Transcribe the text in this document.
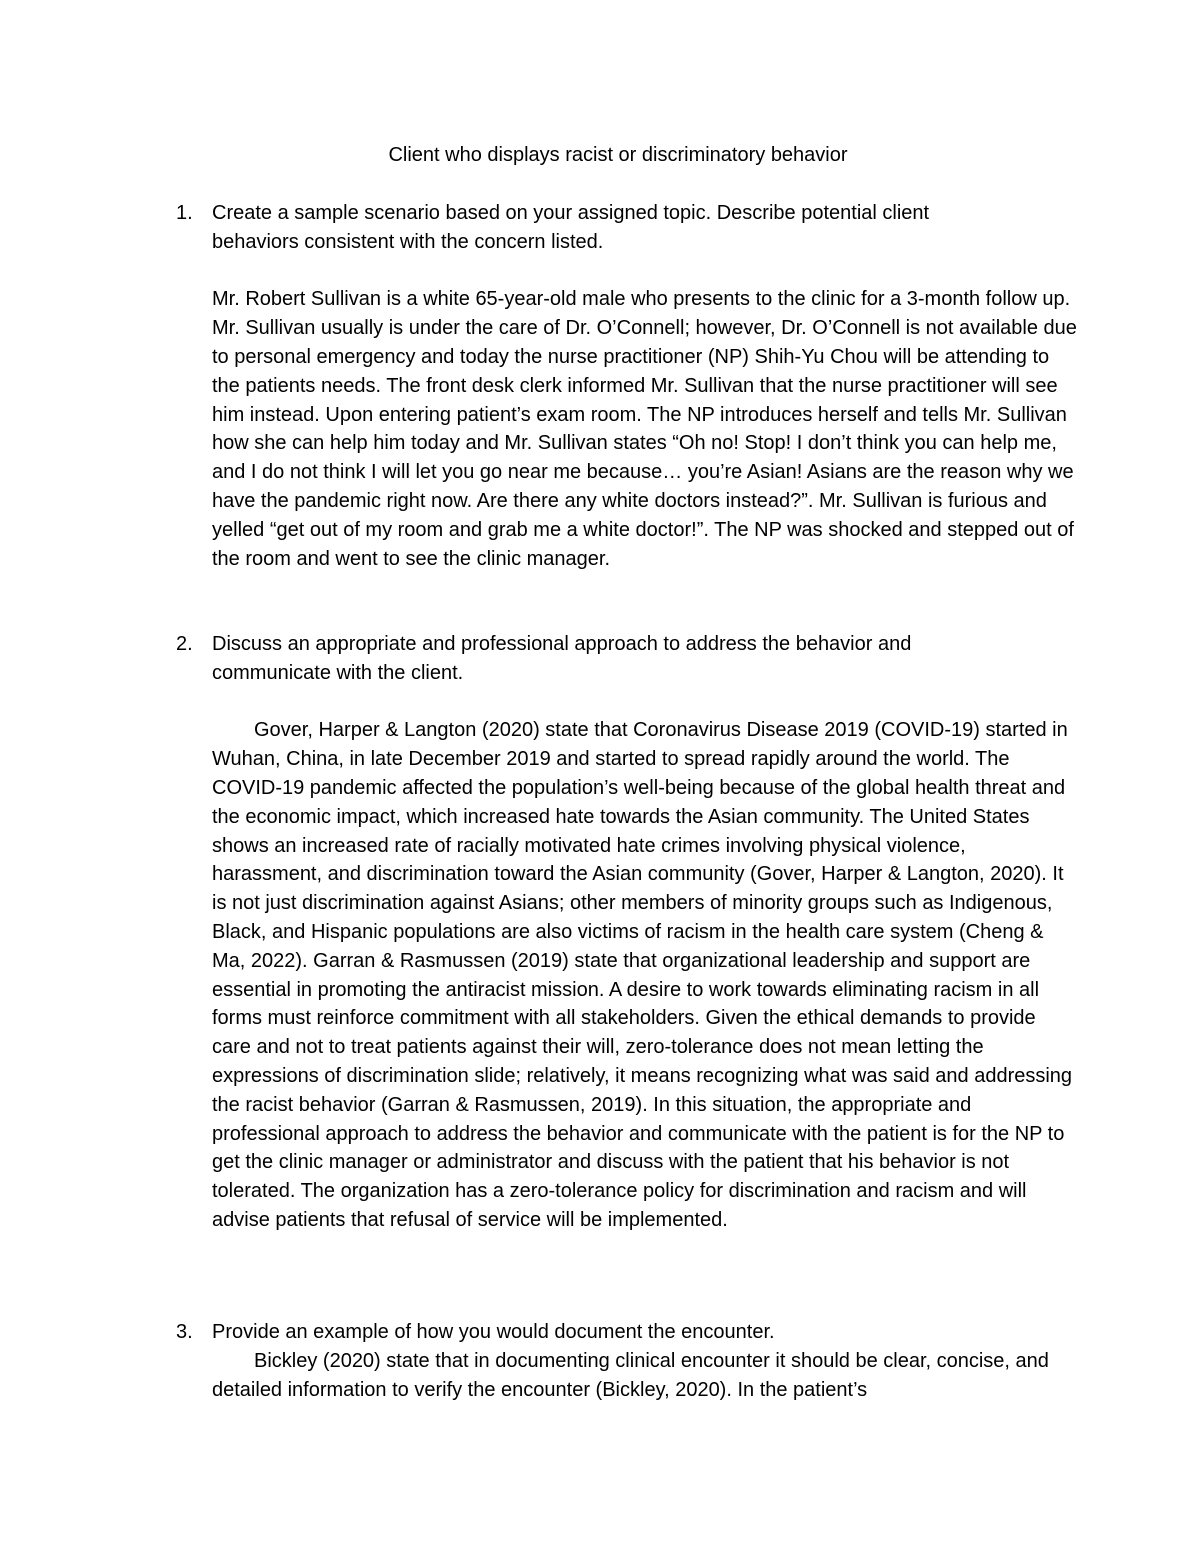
Client who displays racist or discriminatory behavior
1. Create a sample scenario based on your assigned topic. Describe potential client behaviors consistent with the concern listed.

Mr. Robert Sullivan is a white 65-year-old male who presents to the clinic for a 3-month follow up. Mr. Sullivan usually is under the care of Dr. O’Connell; however, Dr. O’Connell is not available due to personal emergency and today the nurse practitioner (NP) Shih-Yu Chou will be attending to the patients needs. The front desk clerk informed Mr. Sullivan that the nurse practitioner will see him instead. Upon entering patient’s exam room. The NP introduces herself and tells Mr. Sullivan how she can help him today and Mr. Sullivan states “Oh no! Stop! I don’t think you can help me, and I do not think I will let you go near me because… you’re Asian! Asians are the reason why we have the pandemic right now. Are there any white doctors instead?”. Mr. Sullivan is furious and yelled “get out of my room and grab me a white doctor!”. The NP was shocked and stepped out of the room and went to see the clinic manager.

2. Discuss an appropriate and professional approach to address the behavior and communicate with the client.

Gover, Harper & Langton (2020) state that Coronavirus Disease 2019 (COVID-19) started in Wuhan, China, in late December 2019 and started to spread rapidly around the world. The COVID-19 pandemic affected the population’s well-being because of the global health threat and the economic impact, which increased hate towards the Asian community. The United States shows an increased rate of racially motivated hate crimes involving physical violence, harassment, and discrimination toward the Asian community (Gover, Harper & Langton, 2020). It is not just discrimination against Asians; other members of minority groups such as Indigenous, Black, and Hispanic populations are also victims of racism in the health care system (Cheng & Ma, 2022). Garran & Rasmussen (2019) state that organizational leadership and support are essential in promoting the antiracist mission. A desire to work towards eliminating racism in all forms must reinforce commitment with all stakeholders. Given the ethical demands to provide care and not to treat patients against their will, zero-tolerance does not mean letting the expressions of discrimination slide; relatively, it means recognizing what was said and addressing the racist behavior (Garran & Rasmussen, 2019). In this situation, the appropriate and professional approach to address the behavior and communicate with the patient is for the NP to get the clinic manager or administrator and discuss with the patient that his behavior is not tolerated. The organization has a zero-tolerance policy for discrimination and racism and will advise patients that refusal of service will be implemented.

3. Provide an example of how you would document the encounter.

Bickley (2020) state that in documenting clinical encounter it should be clear, concise, and detailed information to verify the encounter (Bickley, 2020). In the patient’s
